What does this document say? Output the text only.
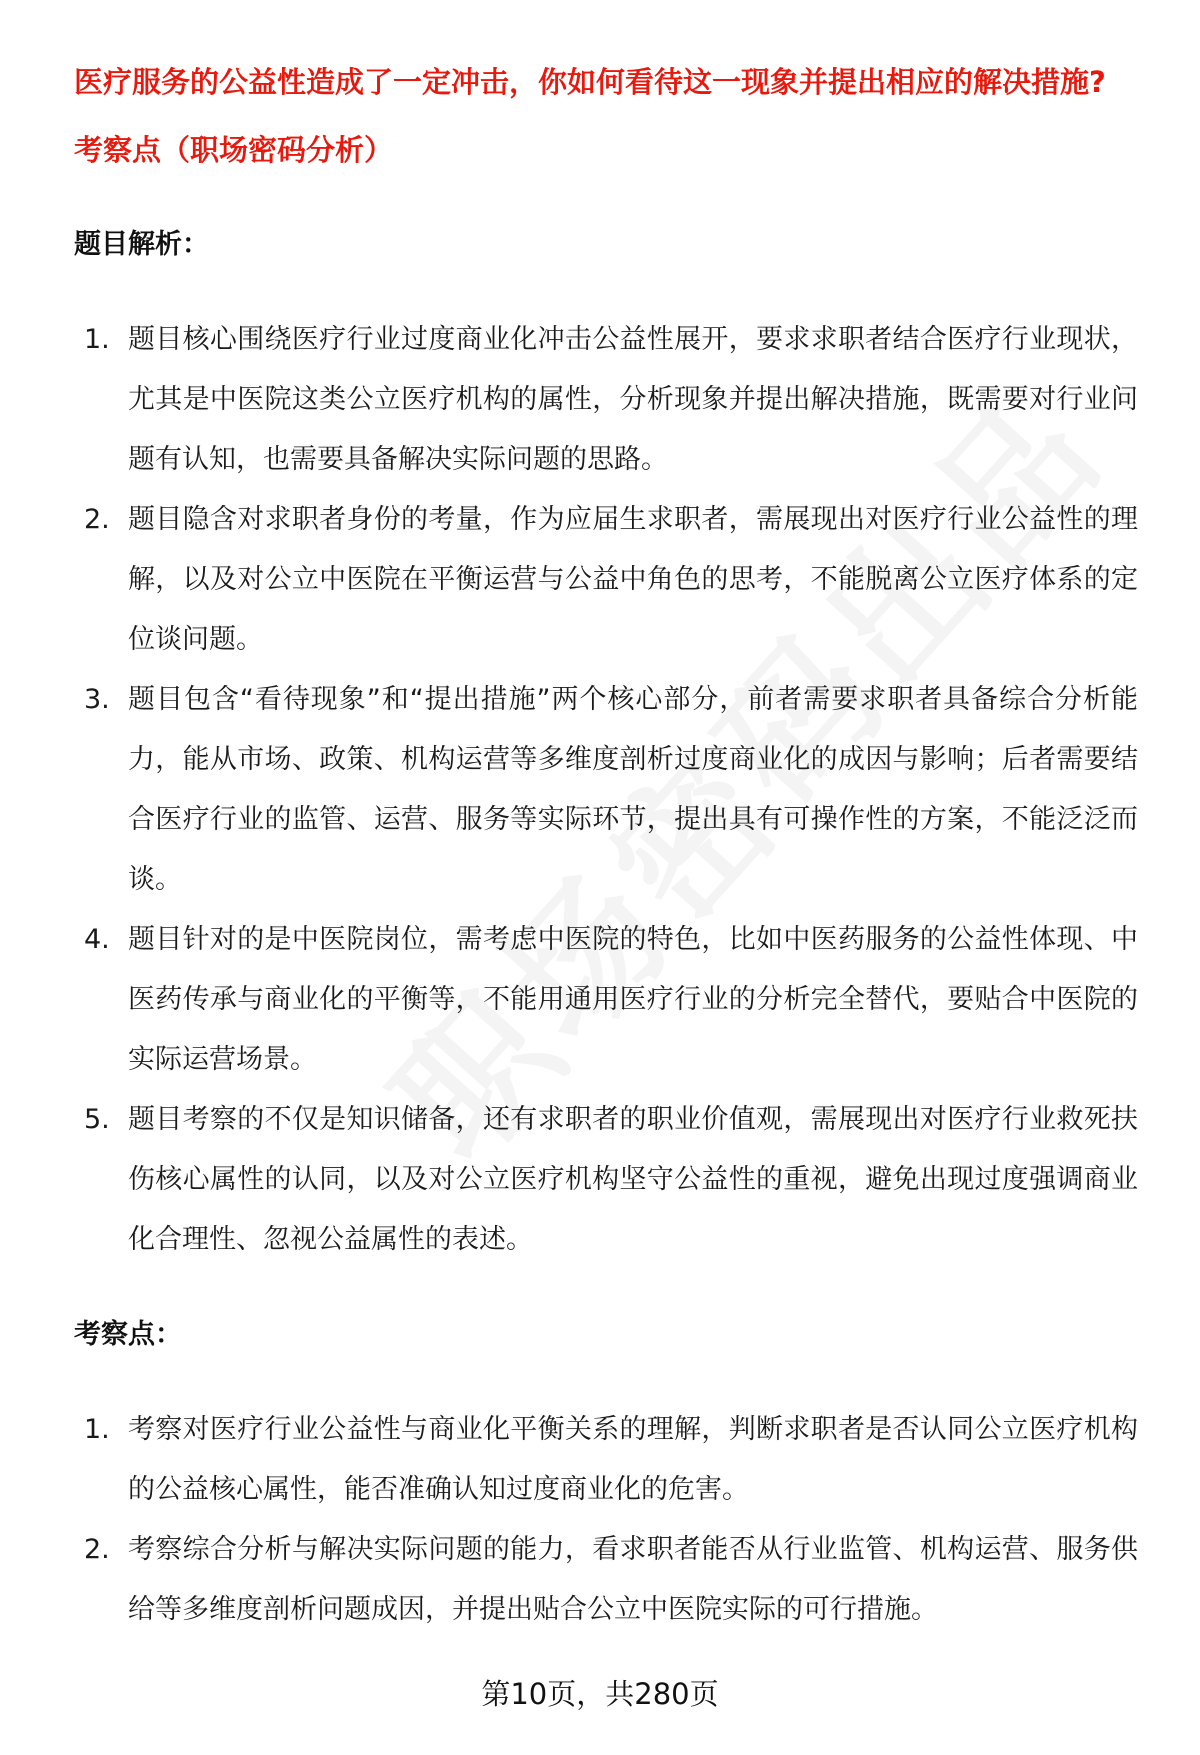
医疗服务的公益性造成了一定冲击，你如何看待这一现象并提出相应的解决措施?
考察点（职场密码分析）
题目解析：
1. 题目核心围绕医疗行业过度商业化冲击公益性展开，要求求职者结合医疗行业现状，尤其是中医院这类公立医疗机构的属性，分析现象并提出解决措施，既需要对行业问题有认知，也需要具备解决实际问题的思路。
2. 题目隐含对求职者身份的考量，作为应届生求职者，需展现出对医疗行业公益性的理解，以及对公立中医院在平衡运营与公益中角色的思考，不能脱离公立医疗体系的定位谈问题。
3. 题目包含“看待现象”和“提出措施”两个核心部分，前者需要求职者具备综合分析能力，能从市场、政策、机构运营等多维度剖析过度商业化的成因与影响；后者需要结合医疗行业的监管、运营、服务等实际环节，提出具有可操作性的方案，不能泛泛而谈。
4. 题目针对的是中医院岗位，需考虑中医院的特色，比如中医药服务的公益性体现、中医药传承与商业化的平衡等，不能用通用医疗行业的分析完全替代，要贴合中医院的实际运营场景。
5. 题目考察的不仅是知识储备，还有求职者的职业价值观，需展现出对医疗行业救死扶伤核心属性的认同，以及对公立医疗机构坚守公益性的重视，避免出现过度强调商业化合理性、忽视公益属性的表述。
考察点：
1. 考察对医疗行业公益性与商业化平衡关系的理解，判断求职者是否认同公立医疗机构的公益核心属性，能否准确认知过度商业化的危害。
2. 考察综合分析与解决实际问题的能力，看求职者能否从行业监管、机构运营、服务供给等多维度剖析问题成因，并提出贴合公立中医院实际的可行措施。
第10页，共280页
